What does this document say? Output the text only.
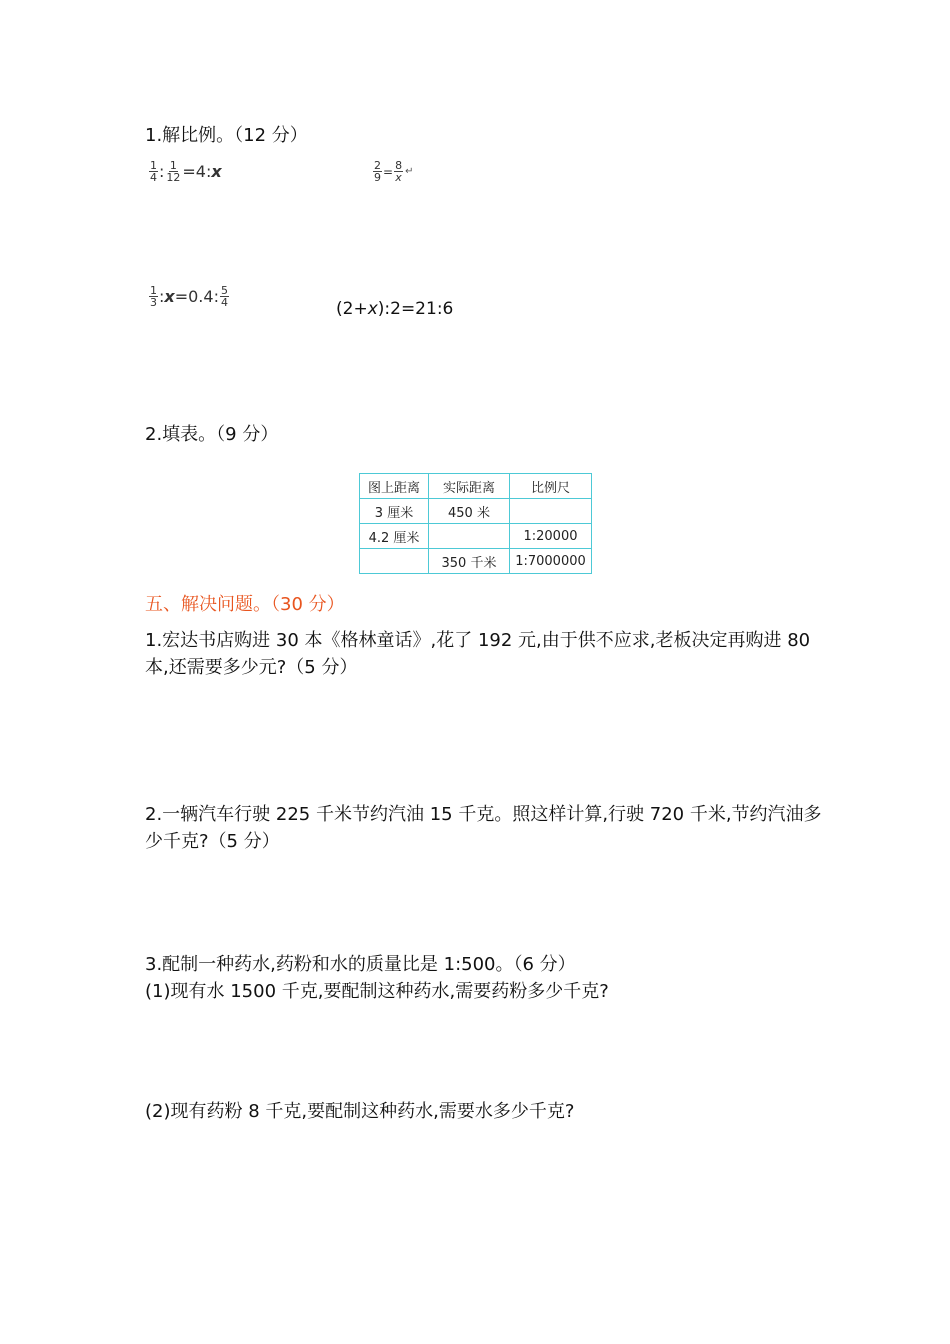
1.解比例。（12 分）
$\frac{1}{4}$ : $\frac{1}{12} =4$: x	$\frac{2}{9} = \frac{8}{x}$ ↵
$\frac{1}{3}$ : x =0.4: $\frac{5}{4}$
(2+x):2=21:6
2.填表。（9 分）
图上距离	实际距离	比例尺
3 厘米	450 米	
4.2 厘米		1:20000
	350 千米	1:7000000
五、解决问题。（30 分）
1.宏达书店购进 30 本《格林童话》,花了 192 元,由于供不应求,老板决定再购进 80 本,还需要多少元?（5 分）
2.一辆汽车行驶 225 千米节约汽油 15 千克。照这样计算,行驶 720 千米,节约汽油多少千克?（5 分）
3.配制一种药水,药粉和水的质量比是 1:500。（6 分）
(1)现有水 1500 千克,要配制这种药水,需要药粉多少千克?
(2)现有药粉 8 千克,要配制这种药水,需要水多少千克?
